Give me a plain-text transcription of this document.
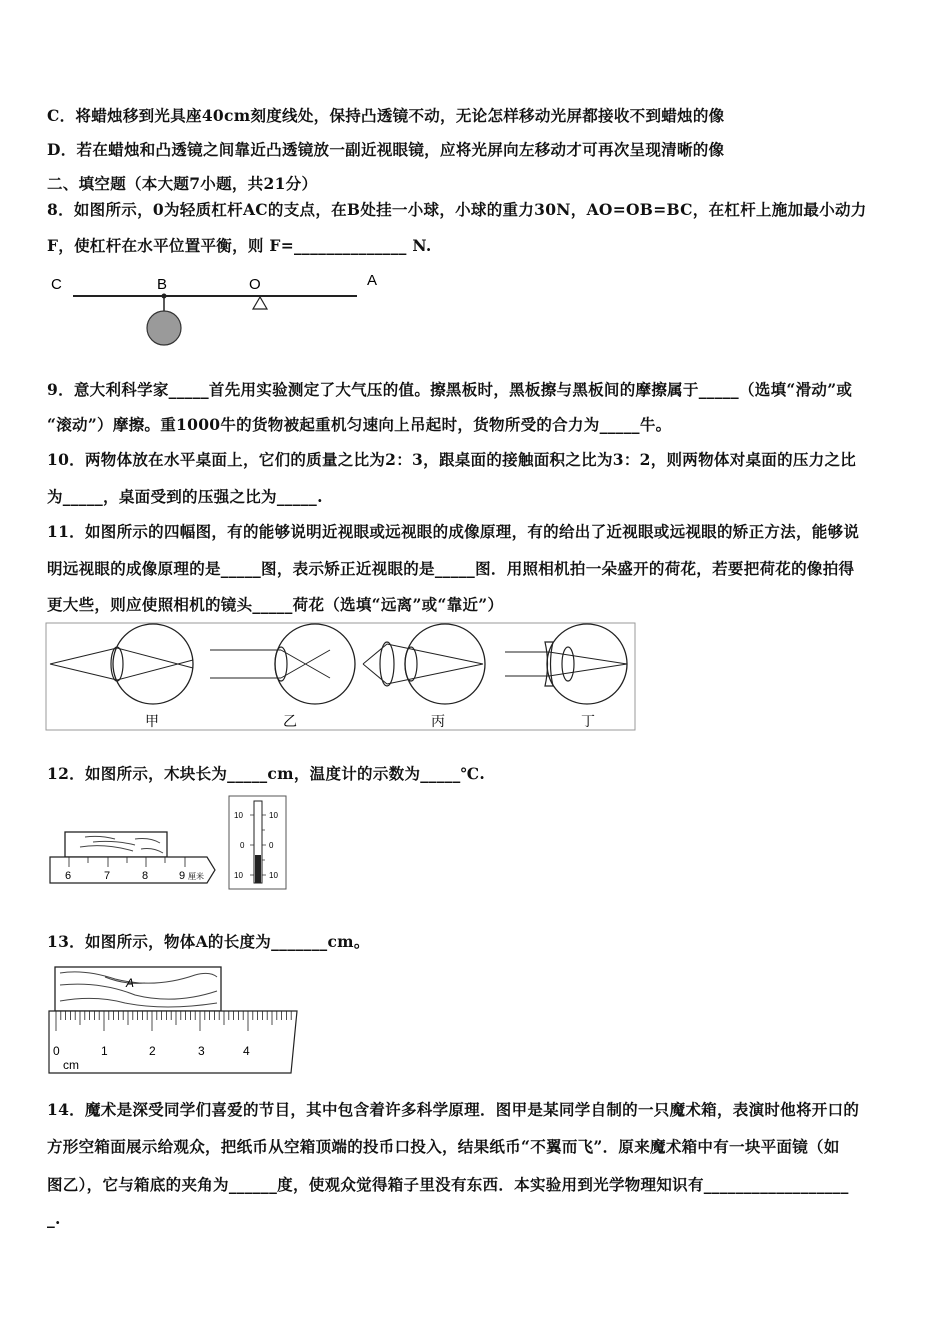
C．将蜡烛移到光具座40cm刻度线处，保持凸透镜不动，无论怎样移动光屏都接收不到蜡烛的像
D．若在蜡烛和凸透镜之间靠近凸透镜放一副近视眼镜，应将光屏向左移动才可再次呈现清晰的像
二、填空题（本大题7小题，共21分）
8．如图所示，0为轻质杠杆AC的支点，在B处挂一小球，小球的重力30N，AO=OB=BC，在杠杆上施加最小动力
F，使杠杆在水平位置平衡，则 F=______________ N.
C	B	O	A
9．意大利科学家_____首先用实验测定了大气压的值。擦黑板时，黑板擦与黑板间的摩擦属于_____（选填“滑动”或
“滚动”）摩擦。重1000牛的货物被起重机匀速向上吊起时，货物所受的合力为_____牛。
10．两物体放在水平桌面上，它们的质量之比为2：3，跟桌面的接触面积之比为3：2，则两物体对桌面的压力之比
为_____，桌面受到的压强之比为_____.
11．如图所示的四幅图，有的能够说明近视眼或远视眼的成像原理，有的给出了近视眼或远视眼的矫正方法，能够说
明远视眼的成像原理的是_____图，表示矫正近视眼的是_____图．用照相机拍一朵盛开的荷花，若要把荷花的像拍得
更大些，则应使照相机的镜头_____荷花（选填“远离”或“靠近”）
甲	乙	丙	丁
12．如图所示，木块长为_____cm，温度计的示数为_____℃.
6	7	8	9 厘米
10	10
0	0
10	10
13．如图所示，物体A的长度为_______cm。
A
0	1	2	3	4
cm
14．魔术是深受同学们喜爱的节目，其中包含着许多科学原理．图甲是某同学自制的一只魔术箱，表演时他将开口的
方形空箱面展示给观众，把纸币从空箱顶端的投币口投入，结果纸币“不翼而飞”．原来魔术箱中有一块平面镜（如
图乙），它与箱底的夹角为______度，使观众觉得箱子里没有东西．本实验用到光学物理知识有__________________
_.
